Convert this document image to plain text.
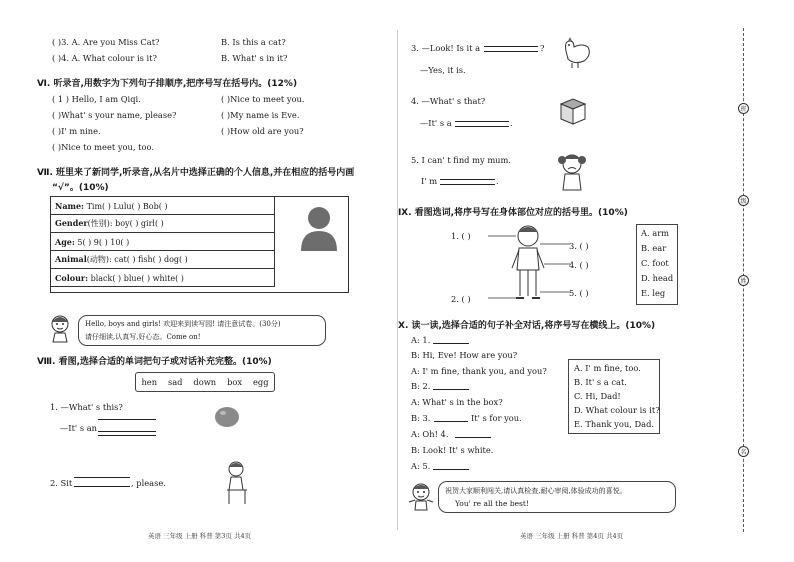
( )3. A. Are you Miss Cat?	B. Is this a cat?
( )4. A. What colour is it?	B. What' s in it?
Ⅵ. 听录音,用数字为下列句子排顺序,把序号写在括号内。(12%)
( 1 ) Hello, I am Qiqi.
( )What' s your name, please?
( )I' m nine.
( )Nice to meet you, too.
( )Nice to meet you.
( )My name is Eve.
( )How old are you?
Ⅶ. 班里来了新同学,听录音,从名片中选择正确的个人信息,并在相应的括号内画
“√”。(10%)
Name: Tim( ) Lulu( ) Bob( )
Gender(性别): boy( ) girl( )
Age: 5( ) 9( ) 10( )
Animal(动物): cat( ) fish( ) dog( )
Colour: black( ) blue( ) white( )
Hello, boys and girls! 欢迎来到读写园! 请注意试卷。(30分)
请仔细读,认真写,好心态。Come on!
Ⅷ. 看图,选择合适的单词把句子或对话补充完整。(10%)
hen sad down box egg
1. —What' s this?
—It' s an
2. Sit	, please.
英语 三年级 上册 科普 第3页 共4页
3. —Look! Is it a	?
—Yes, it is.
4. —What' s that?
—It' s a	.
5. I can' t find my mum.
I' m	.
Ⅸ. 看图选词,将序号写在身体部位对应的括号里。(10%)
1. ( )
2. ( )
3. ( )
4. ( )
5. ( )
A. arm
B. ear
C. foot
D. head
E. leg
Ⅹ. 读一读,选择合适的句子补全对话,将序号写在横线上。(10%)
A: 1.
B: Hi, Eve! How are you?
A: I' m fine, thank you, and you?
B: 2.
A: What' s in the box?
B: 3.	It' s for you.
A: Oh! 4.
B: Look! It' s white.
A: 5.
A. I' m fine, too.
B. It' s a cat.
C. Hi, Dad!
D. What colour is it?
E. Thank you, Dad.
祝贺大家顺利闯关,请认真检查,耐心审阅,体验成功的喜悦。
You' re all the best!
英语 三年级 上册 科普 第4页 共4页
班
级
姓
名
